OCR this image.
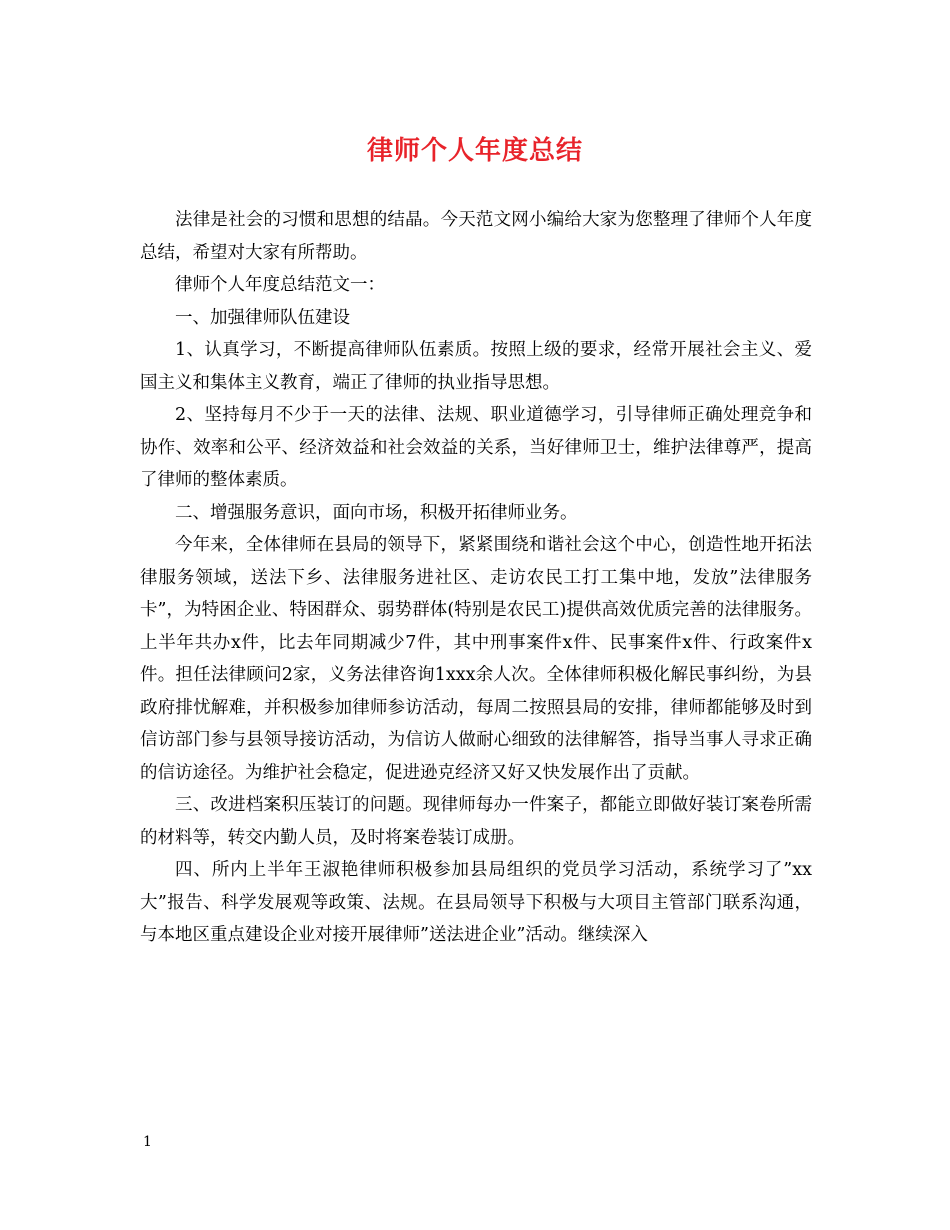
律师个人年度总结

法律是社会的习惯和思想的结晶。今天范文网小编给大家为您整理了律师个人年度总结，希望对大家有所帮助。

律师个人年度总结范文一：

一、加强律师队伍建设

1、认真学习，不断提高律师队伍素质。按照上级的要求，经常开展社会主义、爱国主义和集体主义教育，端正了律师的执业指导思想。

2、坚持每月不少于一天的法律、法规、职业道德学习，引导律师正确处理竞争和协作、效率和公平、经济效益和社会效益的关系，当好律师卫士，维护法律尊严，提高了律师的整体素质。

二、增强服务意识，面向市场，积极开拓律师业务。

今年来，全体律师在县局的领导下，紧紧围绕和谐社会这个中心，创造性地开拓法律服务领域，送法下乡、法律服务进社区、走访农民工打工集中地，发放”法律服务卡”，为特困企业、特困群众、弱势群体(特别是农民工)提供高效优质完善的法律服务。上半年共办x件，比去年同期减少7件，其中刑事案件x件、民事案件x件、行政案件x件。担任法律顾问2家，义务法律咨询1xxx余人次。全体律师积极化解民事纠纷，为县政府排忧解难，并积极参加律师参访活动，每周二按照县局的安排，律师都能够及时到信访部门参与县领导接访活动，为信访人做耐心细致的法律解答，指导当事人寻求正确的信访途径。为维护社会稳定，促进逊克经济又好又快发展作出了贡献。

三、改进档案积压装订的问题。现律师每办一件案子，都能立即做好装订案卷所需的材料等，转交内勤人员，及时将案卷装订成册。

四、所内上半年王淑艳律师积极参加县局组织的党员学习活动，系统学习了”xx大”报告、科学发展观等政策、法规。在县局领导下积极与大项目主管部门联系沟通，与本地区重点建设企业对接开展律师”送法进企业”活动。继续深入

1
